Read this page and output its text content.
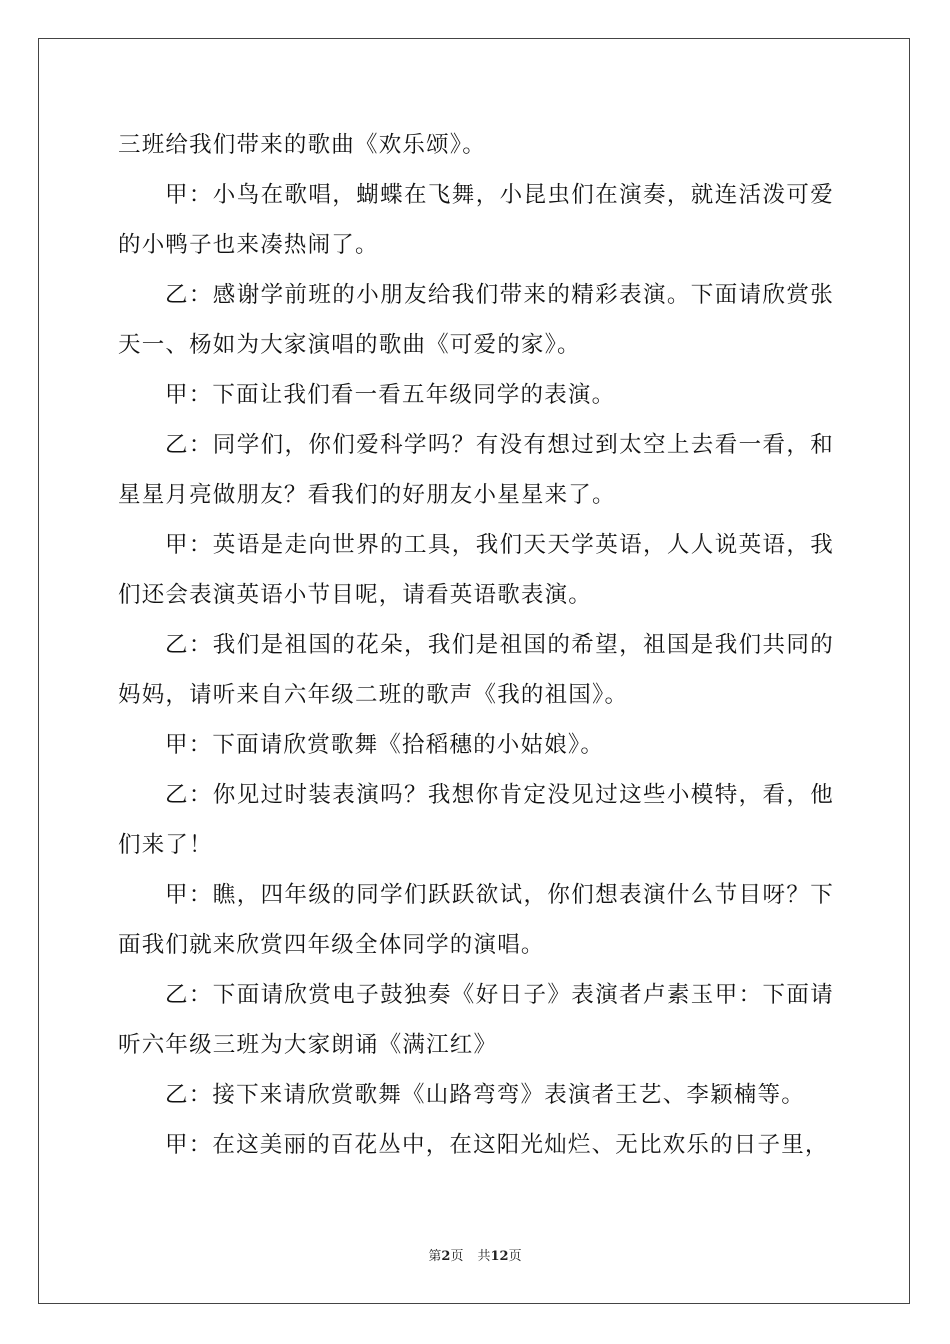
三班给我们带来的歌曲《欢乐颂》。

甲：小鸟在歌唱，蝴蝶在飞舞，小昆虫们在演奏，就连活泼可爱的小鸭子也来凑热闹了。

乙：感谢学前班的小朋友给我们带来的精彩表演。下面请欣赏张天一、杨如为大家演唱的歌曲《可爱的家》。

甲：下面让我们看一看五年级同学的表演。

乙：同学们，你们爱科学吗？有没有想过到太空上去看一看，和星星月亮做朋友？看我们的好朋友小星星来了。

甲：英语是走向世界的工具，我们天天学英语，人人说英语，我们还会表演英语小节目呢，请看英语歌表演。

乙：我们是祖国的花朵，我们是祖国的希望，祖国是我们共同的妈妈，请听来自六年级二班的歌声《我的祖国》。

甲：下面请欣赏歌舞《拾稻穗的小姑娘》。

乙：你见过时装表演吗？我想你肯定没见过这些小模特，看，他们来了！

甲：瞧，四年级的同学们跃跃欲试，你们想表演什么节目呀？下面我们就来欣赏四年级全体同学的演唱。

乙：下面请欣赏电子鼓独奏《好日子》表演者卢素玉甲：下面请听六年级三班为大家朗诵《满江红》

乙：接下来请欣赏歌舞《山路弯弯》表演者王艺、李颖楠等。

甲：在这美丽的百花丛中，在这阳光灿烂、无比欢乐的日子里，

第2页 共12页
